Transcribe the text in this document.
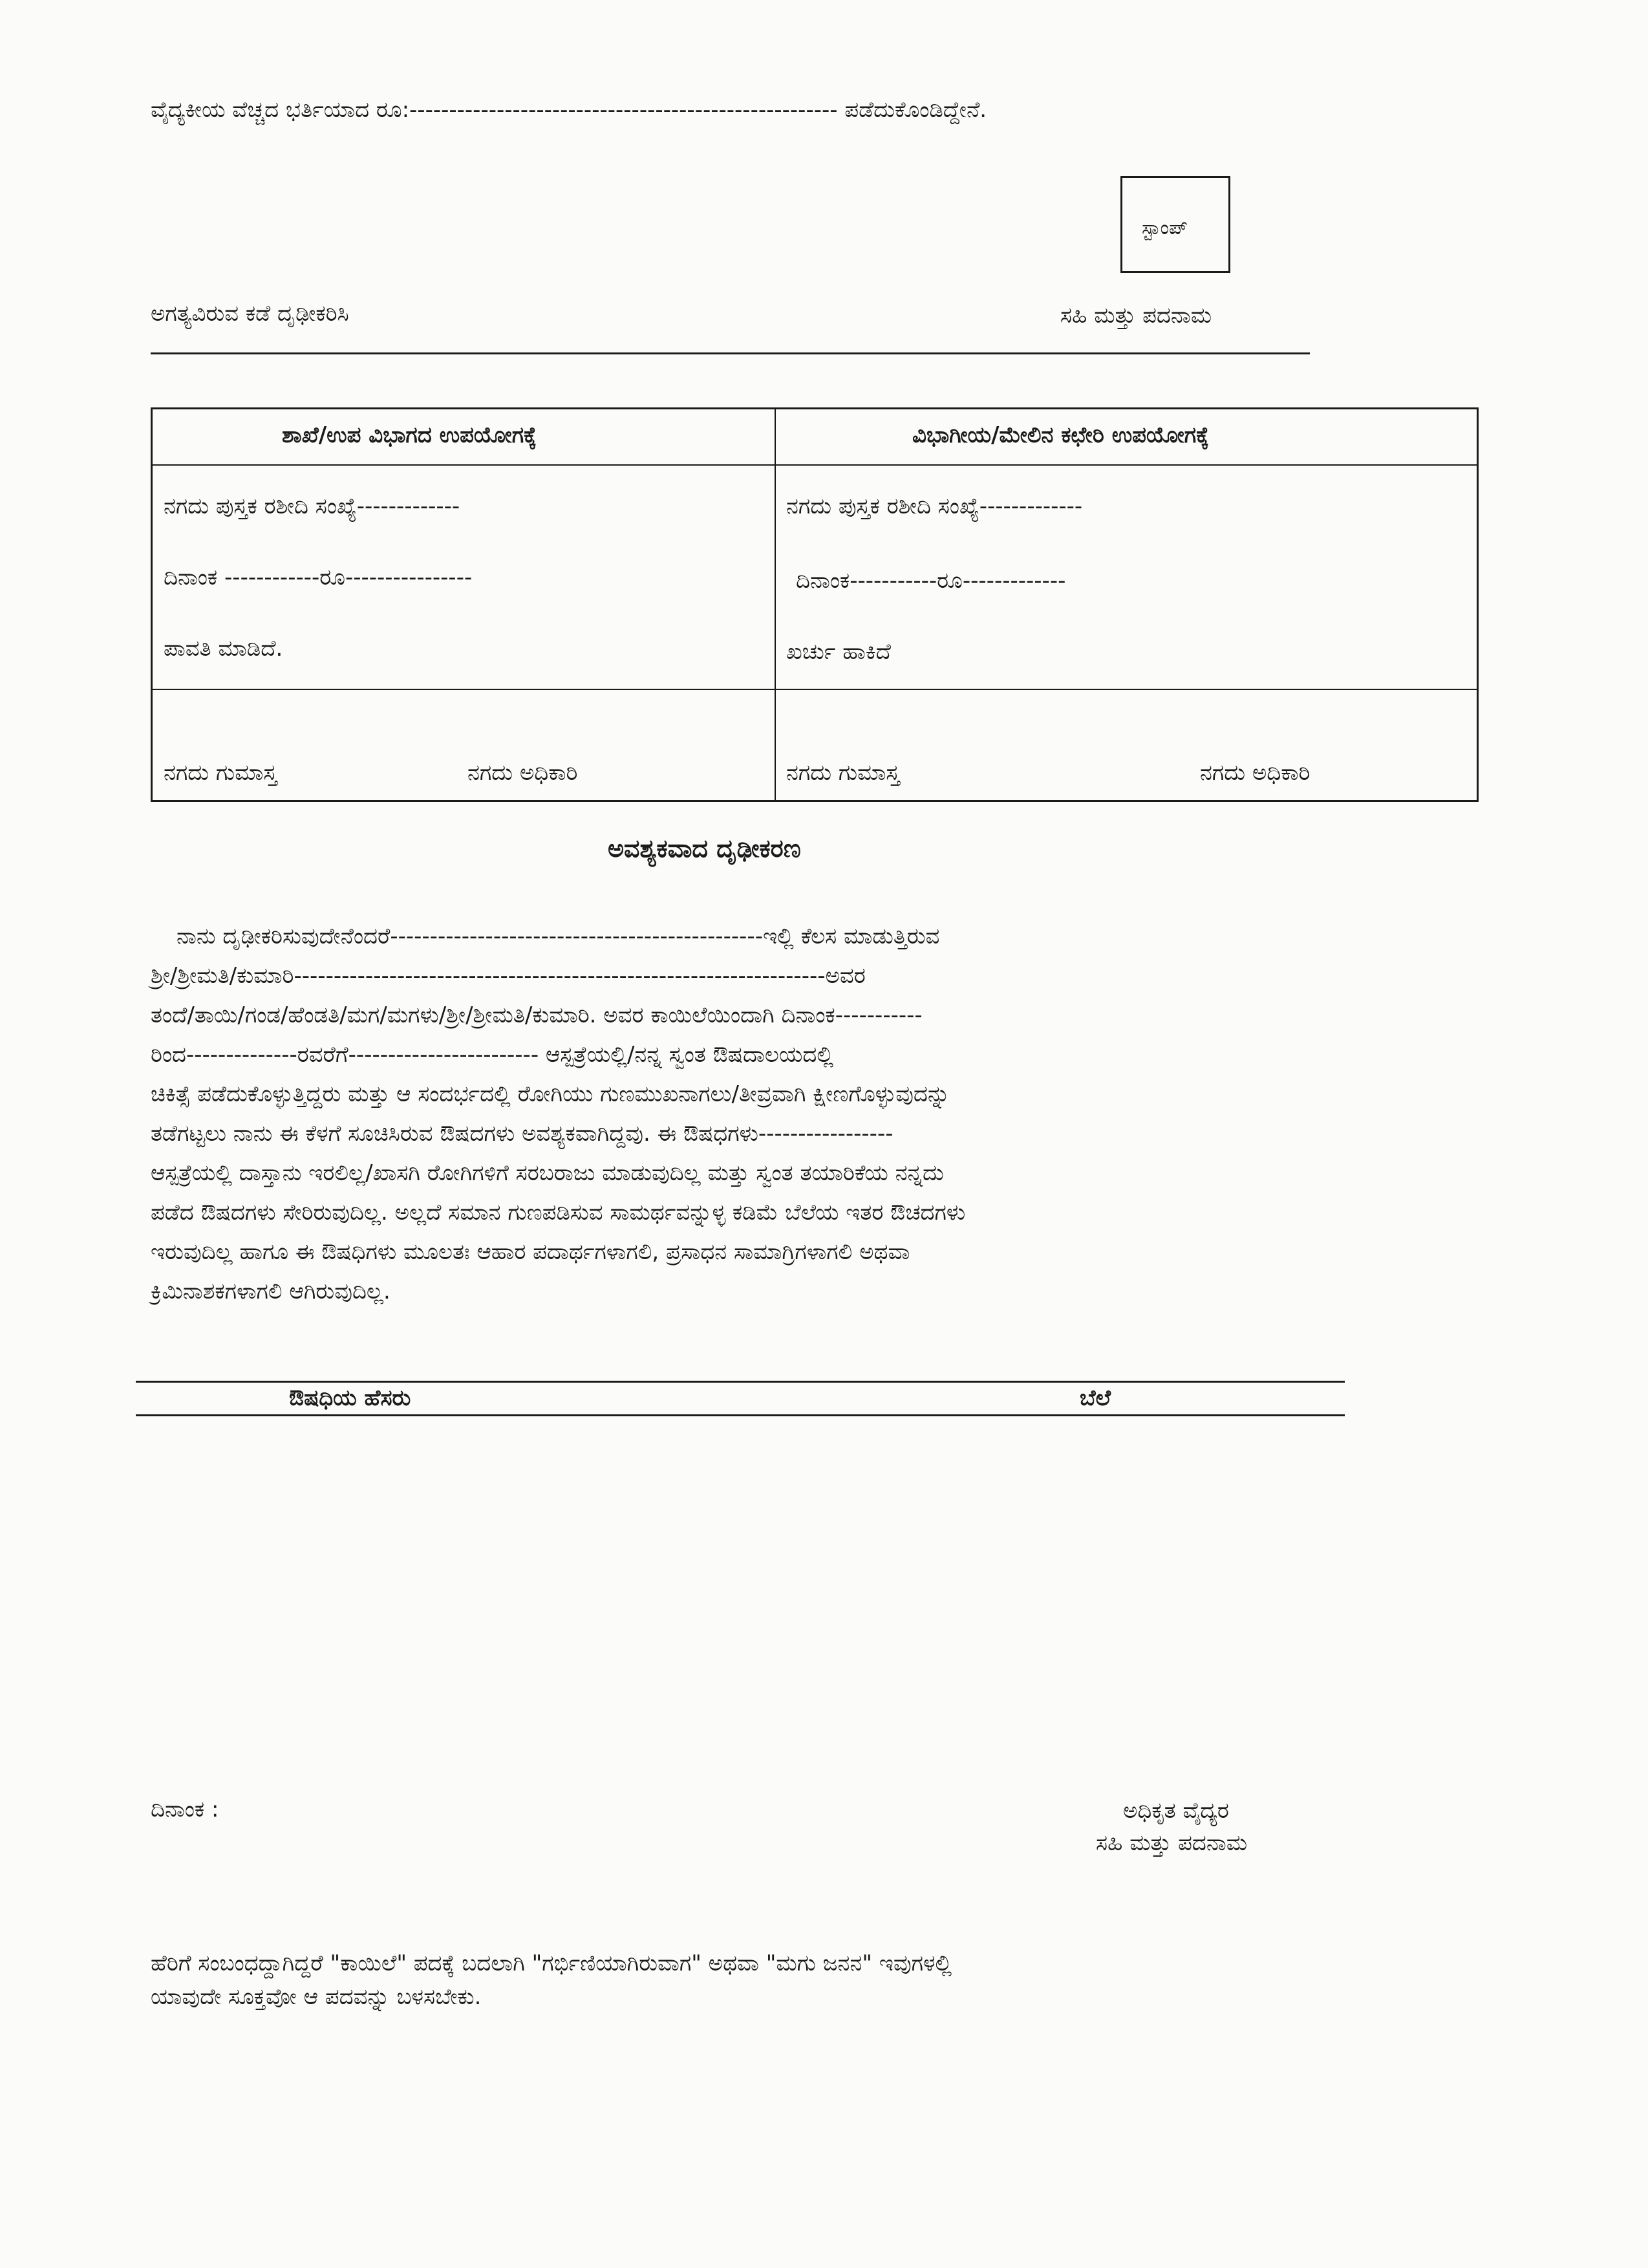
ವೈದ್ಯಕೀಯ ವೆಚ್ಚದ ಭರ್ತಿಯಾದ ರೂ:------------------------------------------------------ ಪಡೆದುಕೊಂಡಿದ್ದೇನೆ.
ಸ್ಟಾಂಪ್
ಅಗತ್ಯವಿರುವ ಕಡೆ ದೃಢೀಕರಿಸಿ	ಸಹಿ ಮತ್ತು ಪದನಾಮ
ಶಾಖೆ/ಉಪ ವಿಭಾಗದ ಉಪಯೋಗಕ್ಕೆ	ವಿಭಾಗೀಯ/ಮೇಲಿನ ಕಛೇರಿ ಉಪಯೋಗಕ್ಕೆ
ನಗದು ಪುಸ್ತಕ ರಶೀದಿ ಸಂಖ್ಯೆ-------------
ದಿನಾಂಕ ------------ರೂ----------------
ಪಾವತಿ ಮಾಡಿದೆ.
ನಗದು ಗುಮಾಸ್ತ	ನಗದು ಅಧಿಕಾರಿ
ನಗದು ಪುಸ್ತಕ ರಶೀದಿ ಸಂಖ್ಯೆ-------------
ದಿನಾಂಕ-----------ರೂ-------------
ಖರ್ಚು ಹಾಕಿದೆ
ನಗದು ಗುಮಾಸ್ತ	ನಗದು ಅಧಿಕಾರಿ
ಅವಶ್ಯಕವಾದ ದೃಢೀಕರಣ

ನಾನು ದೃಢೀಕರಿಸುವುದೇನೆಂದರೆ-----------------------------------------------ಇಲ್ಲಿ ಕೆಲಸ ಮಾಡುತ್ತಿರುವ

ಶ್ರೀ/ಶ್ರೀಮತಿ/ಕುಮಾರಿ-------------------------------------------------------------------ಅವರ

ತಂದೆ/ತಾಯಿ/ಗಂಡ/ಹೆಂಡತಿ/ಮಗ/ಮಗಳು/ಶ್ರೀ/ಶ್ರೀಮತಿ/ಕುಮಾರಿ. ಅವರ ಕಾಯಿಲೆಯಿಂದಾಗಿ ದಿನಾಂಕ-----------

ರಿಂದ--------------ರವರೆಗೆ------------------------ ಆಸ್ಪತ್ರೆಯಲ್ಲಿ/ನನ್ನ ಸ್ವಂತ ಔಷದಾಲಯದಲ್ಲಿ

ಚಿಕಿತ್ಸೆ ಪಡೆದುಕೊಳ್ಳುತ್ತಿದ್ದರು ಮತ್ತು ಆ ಸಂದರ್ಭದಲ್ಲಿ ರೋಗಿಯು ಗುಣಮುಖನಾಗಲು/ತೀವ್ರವಾಗಿ ಕ್ಷೀಣಗೊಳ್ಳುವುದನ್ನು

ತಡೆಗಟ್ಟಲು ನಾನು ಈ ಕೆಳಗೆ ಸೂಚಿಸಿರುವ ಔಷದಗಳು ಅವಶ್ಯಕವಾಗಿದ್ದವು. ಈ ಔಷಧಗಳು-----------------

ಆಸ್ಪತ್ರೆಯಲ್ಲಿ ದಾಸ್ತಾನು ಇರಲಿಲ್ಲ/ಖಾಸಗಿ ರೋಗಿಗಳಿಗೆ ಸರಬರಾಜು ಮಾಡುವುದಿಲ್ಲ ಮತ್ತು ಸ್ವಂತ ತಯಾರಿಕೆಯ ನನ್ನದು

ಪಡೆದ ಔಷದಗಳು ಸೇರಿರುವುದಿಲ್ಲ. ಅಲ್ಲದೆ ಸಮಾನ ಗುಣಪಡಿಸುವ ಸಾಮರ್ಥವನ್ನುಳ್ಳ ಕಡಿಮೆ ಬೆಲೆಯ ಇತರ ಔಚದಗಳು

ಇರುವುದಿಲ್ಲ ಹಾಗೂ ಈ ಔಷಧಿಗಳು ಮೂಲತಃ ಆಹಾರ ಪದಾರ್ಥಗಳಾಗಲಿ, ಪ್ರಸಾಧನ ಸಾಮಾಗ್ರಿಗಳಾಗಲಿ ಅಥವಾ

ಕ್ರಿಮಿನಾಶಕಗಳಾಗಲಿ ಆಗಿರುವುದಿಲ್ಲ.

ಔಷಧಿಯ ಹೆಸರು	ಬೆಲೆ
ದಿನಾಂಕ :	ಅಧಿಕೃತ ವೈದ್ಯರ
ಸಹಿ ಮತ್ತು ಪದನಾಮ
ಹೆರಿಗೆ ಸಂಬಂಧದ್ದಾಗಿದ್ದರೆ "ಕಾಯಿಲೆ" ಪದಕ್ಕೆ ಬದಲಾಗಿ "ಗರ್ಭಿಣಿಯಾಗಿರುವಾಗ" ಅಥವಾ "ಮಗು ಜನನ" ಇವುಗಳಲ್ಲಿ
ಯಾವುದೇ ಸೂಕ್ತವೋ ಆ ಪದವನ್ನು ಬಳಸಬೇಕು.
